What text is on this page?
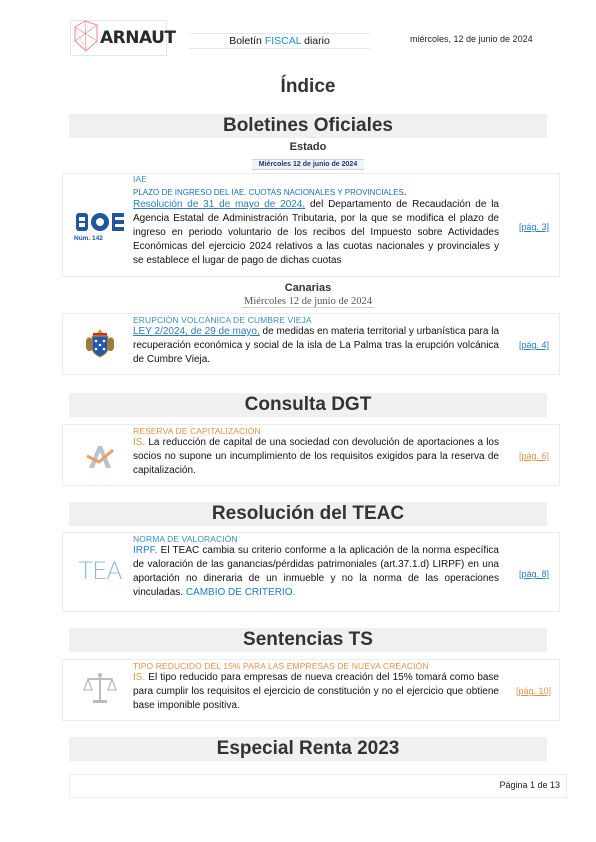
ARNAUT	Boletín FISCAL diario	miércoles, 12 de junio de 2024
Índice
Boletines Oficiales
Estado
Miércoles 12 de junio de 2024
Núm. 142
IAE
PLAZO DE INGRESO DEL IAE. CUOTAS NACIONALES Y PROVINCIALES.
Resolución de 31 de mayo de 2024, del Departamento de Recaudación de la Agencia Estatal de Administración Tributaria, por la que se modifica el plazo de ingreso en periodo voluntario de los recibos del Impuesto sobre Actividades Económicas del ejercicio 2024 relativos a las cuotas nacionales y provinciales y se establece el lugar de pago de dichas cuotas
[pág. 3]
Canarias
Miércoles 12 de junio de 2024
ERUPCIÓN VOLCÁNICA DE CUMBRE VIEJA
LEY 2/2024, de 29 de mayo, de medidas en materia territorial y urbanística para la recuperación económica y social de la isla de La Palma tras la erupción volcánica de Cumbre Vieja.
[pág. 4]
Consulta DGT
RESERVA DE CAPITALIZACIÓN
IS. La reducción de capital de una sociedad con devolución de aportaciones a los socios no supone un incumplimiento de los requisitos exigidos para la reserva de capitalización.
[pág. 6]
Resolución del TEAC
TEA
NORMA DE VALORACIÓN
IRPF. El TEAC cambia su criterio conforme a la aplicación de la norma específica de valoración de las ganancias/pérdidas patrimoniales (art.37.1.d) LIRPF) en una aportación no dineraria de un inmueble y no la norma de las operaciones vinculadas. CAMBIO DE CRITERIO.
[pág. 8]
Sentencias TS
TIPO REDUCIDO DEL 15% PARA LAS EMPRESAS DE NUEVA CREACIÓN
IS. El tipo reducido para empresas de nueva creación del 15% tomará como base para cumplir los requisitos el ejercicio de constitución y no el ejercicio que obtiene base imponible positiva.
[pág. 10]
Especial Renta 2023
Página 1 de 13
